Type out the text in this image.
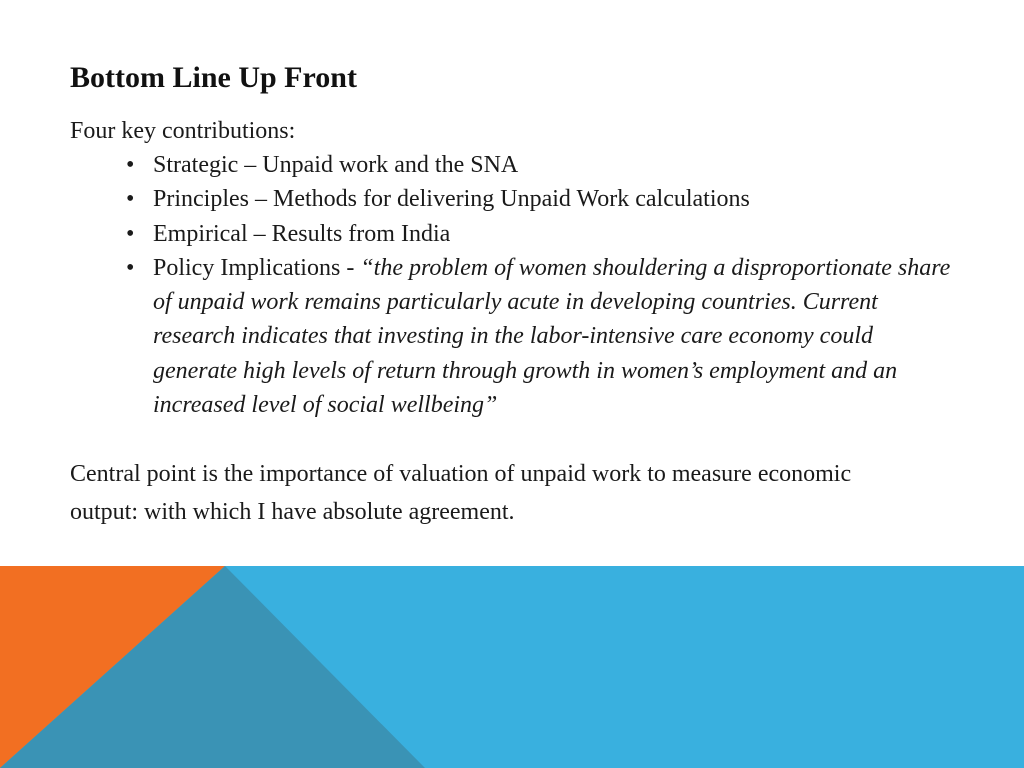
Bottom Line Up Front

Four key contributions:

• Strategic – Unpaid work and the SNA
• Principles – Methods for delivering Unpaid Work calculations
• Empirical – Results from India
• Policy Implications - “the problem of women shouldering a disproportionate share of unpaid work remains particularly acute in developing countries. Current research indicates that investing in the labor-intensive care economy could generate high levels of return through growth in women’s employment and an increased level of social wellbeing”

Central point is the importance of valuation of unpaid work to measure economic output: with which I have absolute agreement.
